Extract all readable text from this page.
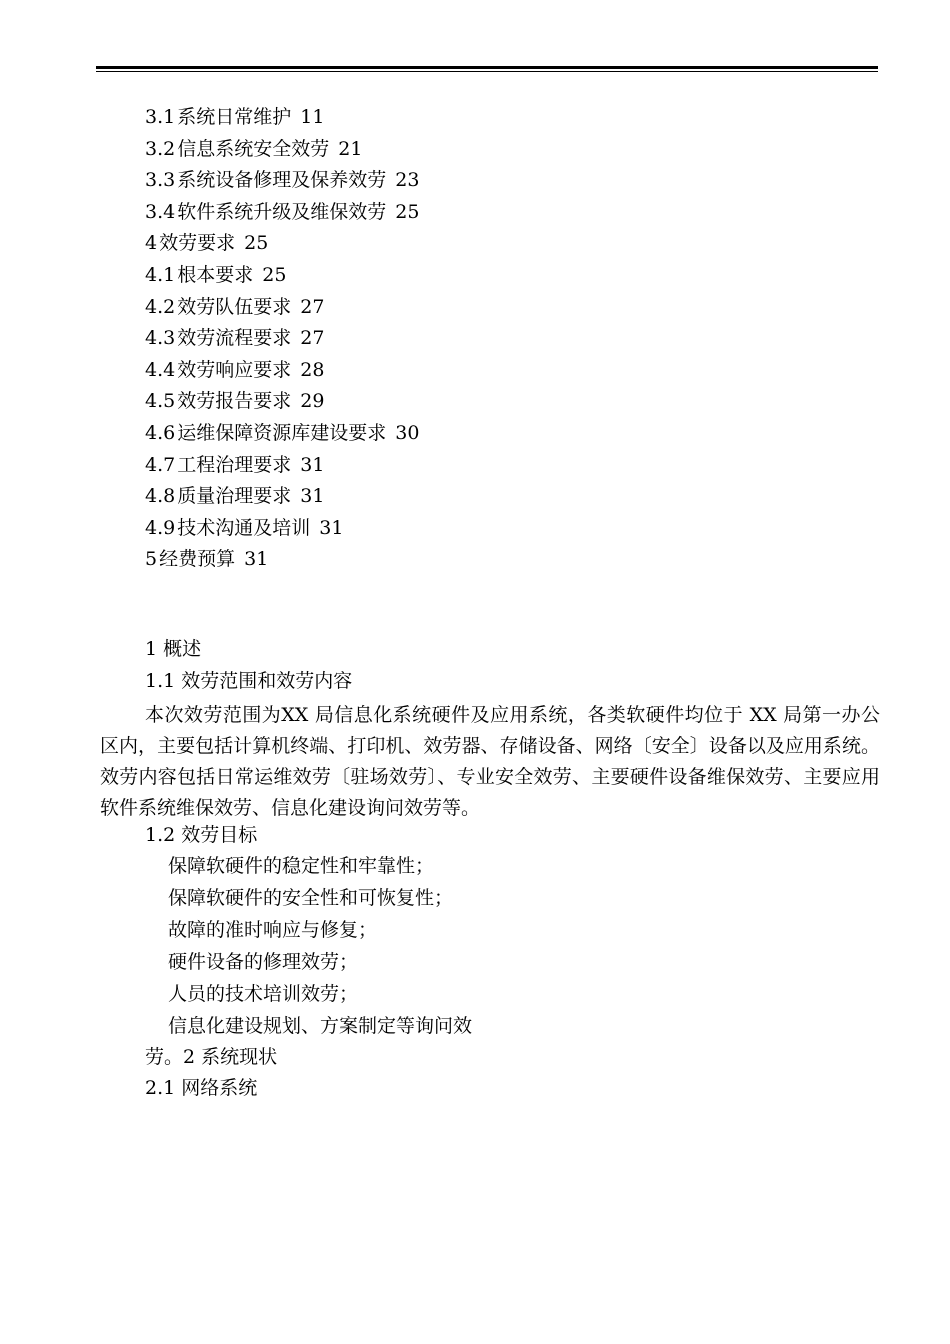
3.1 系统日常维护 11
3.2 信息系统安全效劳 21
3.3 系统设备修理及保养效劳 23
3.4 软件系统升级及维保效劳 25
4 效劳要求 25
4.1 根本要求 25
4.2 效劳队伍要求 27
4.3 效劳流程要求 27
4.4 效劳响应要求 28
4.5 效劳报告要求 29
4.6 运维保障资源库建设要求 30
4.7 工程治理要求 31
4.8 质量治理要求 31
4.9 技术沟通及培训 31
5 经费预算 31
1 概述
1.1 效劳范围和效劳内容
本次效劳范围为XX 局信息化系统硬件及应用系统，各类软硬件均位于 XX 局第一办公区内，主要包括计算机终端、打印机、效劳器、存储设备、网络〔安全〕设备以及应用系统。效劳内容包括日常运维效劳〔驻场效劳〕、专业安全效劳、主要硬件设备维保效劳、主要应用软件系统维保效劳、信息化建设询问效劳等。
1.2 效劳目标
保障软硬件的稳定性和牢靠性；
保障软硬件的安全性和可恢复性；
故障的准时响应与修复；
硬件设备的修理效劳；
人员的技术培训效劳；
信息化建设规划、方案制定等询问效
劳。2 系统现状
2.1 网络系统
